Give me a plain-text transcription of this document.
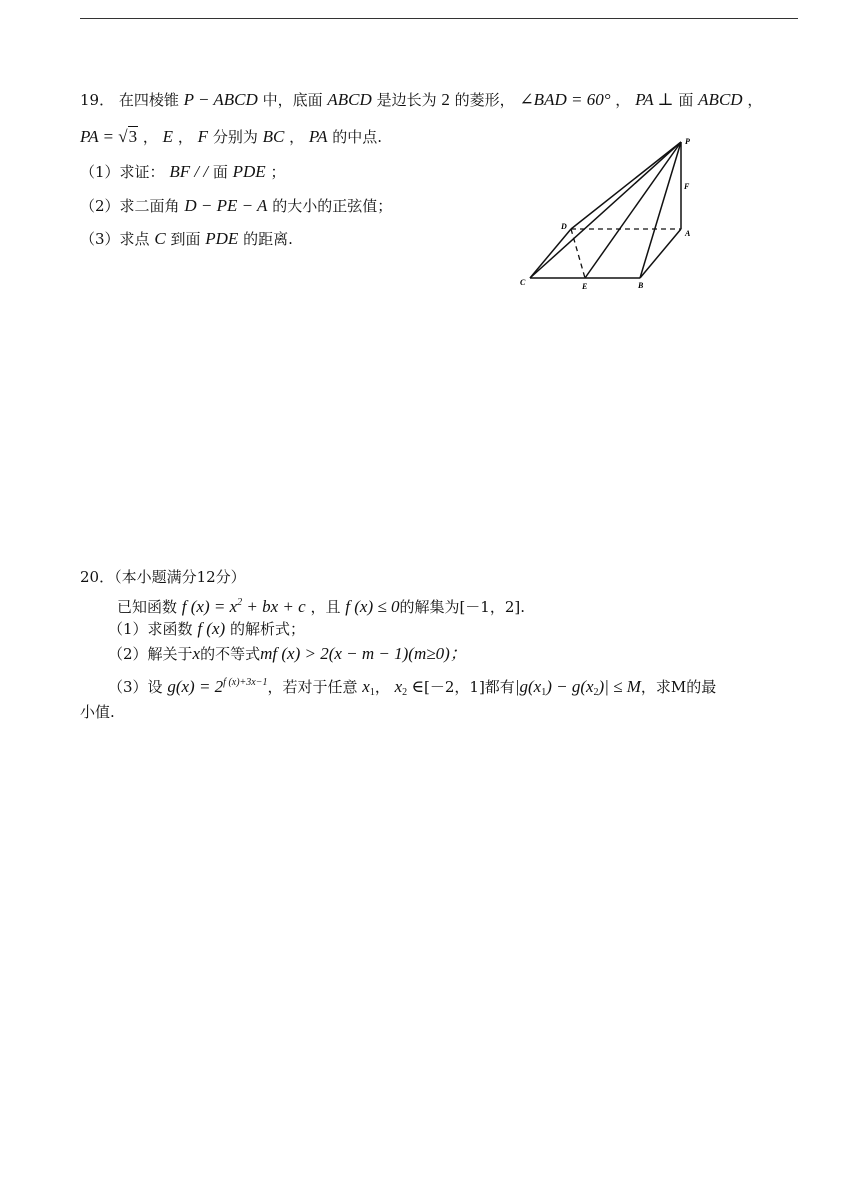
19． 在四棱锥 P − ABCD 中，底面 ABCD 是边长为 2 的菱形， ∠BAD = 60° ， PA ⊥ 面 ABCD ，
PA = √3 ， E ， F 分别为 BC ， PA 的中点.
（1）求证： BF / / 面 PDE ；
（2）求二面角 D − PE − A 的大小的正弦值；
（3）求点 C 到面 PDE 的距离.
P
F
D
A
C	E	B
20．（本小题满分12分）
已知函数 f $(x) = x^2$ + bx + c ，且 f (x) ≤ 0的解集为[－1，2].
（1）求函数 f (x) 的解析式；
（2）解关于x的不等式mf (x) > 2(x − m − 1)(m≥0)；
（3）设 $g(x) = 2^{f (x)+3x-1}$，若对于任意 $x_1$， $x_2$ ∈[－2，1]都有$|g(x_1) - g(x_2)| \le M$，求M的最
小值.
